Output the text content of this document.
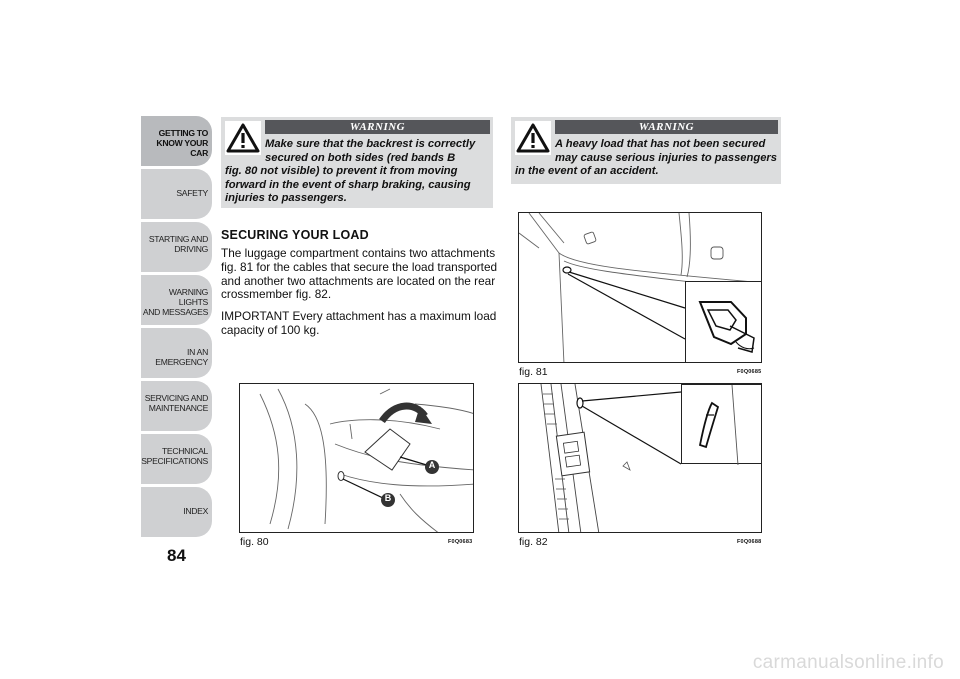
GETTING TO
KNOW YOUR CAR
SAFETY
STARTING AND
DRIVING
WARNING LIGHTS
AND MESSAGES
IN AN EMERGENCY
SERVICING AND
MAINTENANCE
TECHNICAL
SPECIFICATIONS
INDEX
84
WARNING
Make sure that the backrest is correctly
secured on both sides (red bands B
fig. 80 not visible) to prevent it from moving forward in the event of sharp braking, causing injuries to passengers.
WARNING
A heavy load that has not been secured
may cause serious injuries to passengers
in the event of an accident.
SECURING YOUR LOAD
The luggage compartment contains two attachments fig. 81 for the cables that secure the load transported and another two attachments are located on the rear crossmember fig. 82.
IMPORTANT Every attachment has a maximum load capacity of 100 kg.
A
B
fig. 80	F0Q0683
fig. 81	F0Q0685
fig. 82	F0Q0688
carmanualsonline.info
